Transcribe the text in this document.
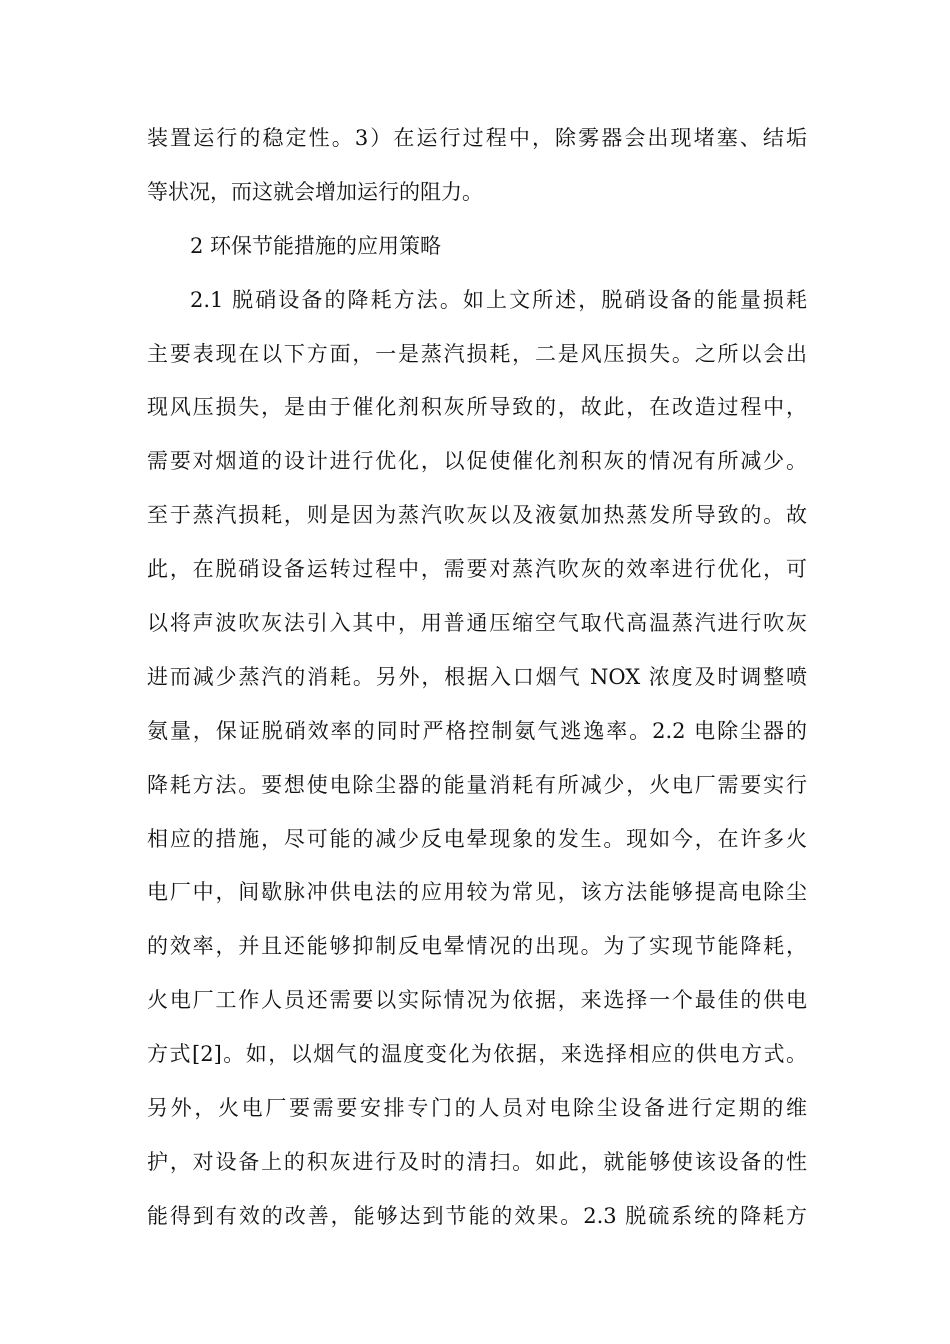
装置运行的稳定性。3）在运行过程中，除雾器会出现堵塞、结垢
等状况，而这就会增加运行的阻力。
2 环保节能措施的应用策略
2.1 脱硝设备的降耗方法。如上文所述，脱硝设备的能量损耗
主要表现在以下方面，一是蒸汽损耗，二是风压损失。之所以会出
现风压损失，是由于催化剂积灰所导致的，故此，在改造过程中，
需要对烟道的设计进行优化，以促使催化剂积灰的情况有所减少。
至于蒸汽损耗，则是因为蒸汽吹灰以及液氨加热蒸发所导致的。故
此，在脱硝设备运转过程中，需要对蒸汽吹灰的效率进行优化，可
以将声波吹灰法引入其中，用普通压缩空气取代高温蒸汽进行吹灰
进而减少蒸汽的消耗。另外，根据入口烟气 NOX 浓度及时调整喷
氨量，保证脱硝效率的同时严格控制氨气逃逸率。2.2 电除尘器的
降耗方法。要想使电除尘器的能量消耗有所减少，火电厂需要实行
相应的措施，尽可能的减少反电晕现象的发生。现如今，在许多火
电厂中，间歇脉冲供电法的应用较为常见，该方法能够提高电除尘
的效率，并且还能够抑制反电晕情况的出现。为了实现节能降耗，
火电厂工作人员还需要以实际情况为依据，来选择一个最佳的供电
方式[2]。如，以烟气的温度变化为依据，来选择相应的供电方式。
另外，火电厂要需要安排专门的人员对电除尘设备进行定期的维
护，对设备上的积灰进行及时的清扫。如此，就能够使该设备的性
能得到有效的改善，能够达到节能的效果。2.3 脱硫系统的降耗方
